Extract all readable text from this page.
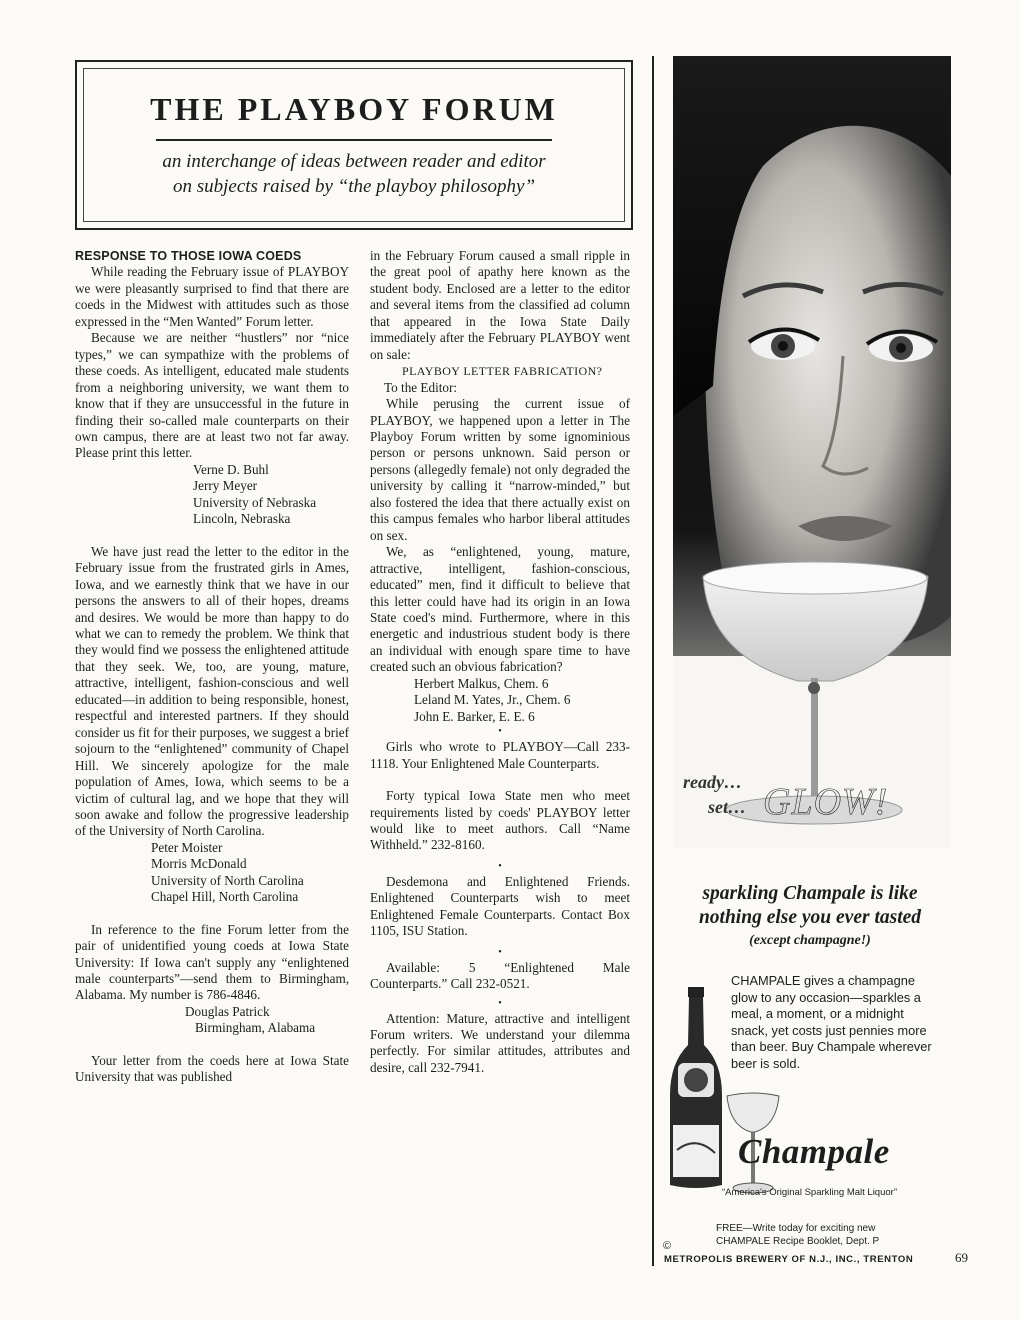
THE PLAYBOY FORUM
an interchange of ideas between reader and editor
on subjects raised by “the playboy philosophy”

RESPONSE TO THOSE IOWA COEDS

While reading the February issue of PLAYBOY we were pleasantly surprised to find that there are coeds in the Midwest with attitudes such as those expressed in the “Men Wanted” Forum letter.

Because we are neither “hustlers” nor “nice types,” we can sympathize with the problems of these coeds. As intelligent, educated male students from a neighboring university, we want them to know that if they are unsuccessful in the future in finding their so-called male counterparts on their own campus, there are at least two not far away. Please print this letter.

Verne D. Buhl

Jerry Meyer

University of Nebraska

Lincoln, Nebraska

We have just read the letter to the editor in the February issue from the frustrated girls in Ames, Iowa, and we earnestly think that we have in our persons the answers to all of their hopes, dreams and desires. We would be more than happy to do what we can to remedy the problem. We think that they would find we possess the enlightened attitude that they seek. We, too, are young, mature, attractive, intelligent, fashion-conscious and well educated—in addition to being responsible, honest, respectful and interested partners. If they should consider us fit for their purposes, we suggest a brief sojourn to the “enlightened” community of Chapel Hill. We sincerely apologize for the male population of Ames, Iowa, which seems to be a victim of cultural lag, and we hope that they will soon awake and follow the progressive leadership of the University of North Carolina.

Peter Moister

Morris McDonald

University of North Carolina

Chapel Hill, North Carolina

In reference to the fine Forum letter from the pair of unidentified young coeds at Iowa State University: If Iowa can't supply any “enlightened male counterparts”—send them to Birmingham, Alabama. My number is 786-4846.

Douglas Patrick

Birmingham, Alabama

Your letter from the coeds here at Iowa State University that was published

in the February Forum caused a small ripple in the great pool of apathy here known as the student body. Enclosed are a letter to the editor and several items from the classified ad column that appeared in the Iowa State Daily immediately after the February PLAYBOY went on sale:

PLAYBOY LETTER FABRICATION?

To the Editor:

While perusing the current issue of PLAYBOY, we happened upon a letter in The Playboy Forum written by some ignominious person or persons unknown. Said person or persons (allegedly female) not only degraded the university by calling it “narrow-minded,” but also fostered the idea that there actually exist on this campus females who harbor liberal attitudes on sex.

We, as “enlightened, young, mature, attractive, intelligent, fashion-conscious, educated” men, find it difficult to believe that this letter could have had its origin in an Iowa State coed's mind. Furthermore, where in this energetic and industrious student body is there an individual with enough spare time to have created such an obvious fabrication?

Herbert Malkus, Chem. 6

Leland M. Yates, Jr., Chem. 6

John E. Barker, E. E. 6

•

Girls who wrote to PLAYBOY—Call 233-1118. Your Enlightened Male Counterparts.

Forty typical Iowa State men who meet requirements listed by coeds' PLAYBOY letter would like to meet authors. Call “Name Withheld.” 232-8160.

•

Desdemona and Enlightened Friends. Enlightened Counterparts wish to meet Enlightened Female Counterparts. Contact Box 1105, ISU Station.

•

Available: 5 “Enlightened Male Counterparts.” Call 232-0521.

•

Attention: Mature, attractive and intelligent Forum writers. We understand your dilemma perfectly. For similar attitudes, attributes and desire, call 232-7941.

ready…
set… GLOW!
sparkling Champale is like
nothing else you ever tasted
(except champagne!)
CHAMPALE gives a champagne glow to any occasion—sparkles a meal, a moment, or a midnight snack, yet costs just pennies more than beer. Buy Champale wherever beer is sold.
Champale
“America's Original Sparkling Malt Liquor”
FREE—Write today for exciting new
CHAMPALE Recipe Booklet, Dept. P
©
METROPOLIS BREWERY OF N.J., INC., TRENTON	69
